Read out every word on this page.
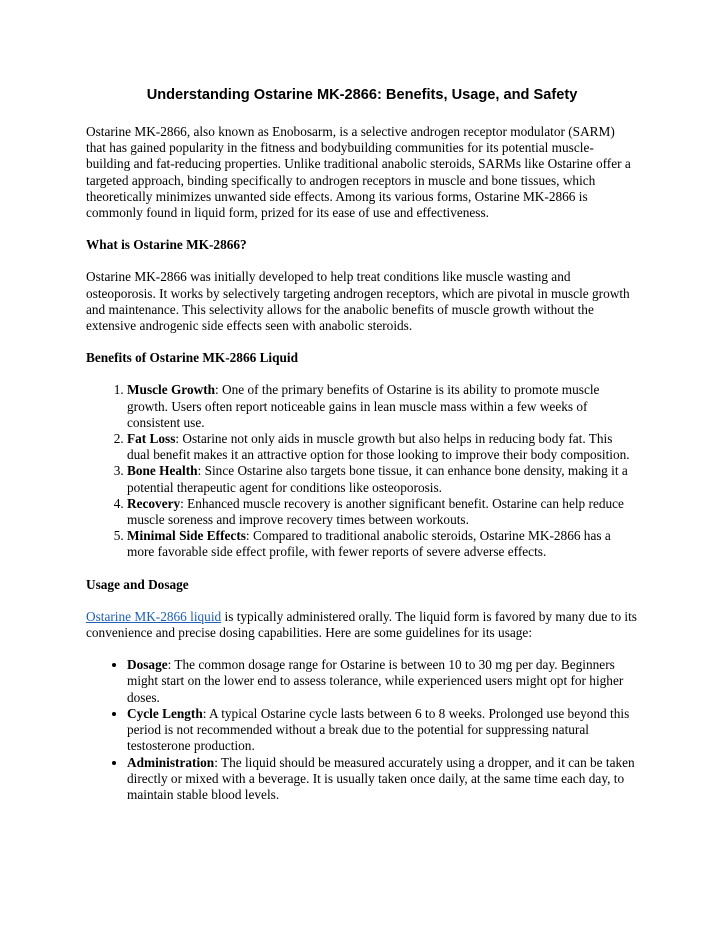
Understanding Ostarine MK-2866: Benefits, Usage, and Safety

Ostarine MK-2866, also known as Enobosarm, is a selective androgen receptor modulator (SARM) that has gained popularity in the fitness and bodybuilding communities for its potential muscle-building and fat-reducing properties. Unlike traditional anabolic steroids, SARMs like Ostarine offer a targeted approach, binding specifically to androgen receptors in muscle and bone tissues, which theoretically minimizes unwanted side effects. Among its various forms, Ostarine MK-2866 is commonly found in liquid form, prized for its ease of use and effectiveness.

What is Ostarine MK-2866?

Ostarine MK-2866 was initially developed to help treat conditions like muscle wasting and osteoporosis. It works by selectively targeting androgen receptors, which are pivotal in muscle growth and maintenance. This selectivity allows for the anabolic benefits of muscle growth without the extensive androgenic side effects seen with anabolic steroids.

Benefits of Ostarine MK-2866 Liquid
1. Muscle Growth: One of the primary benefits of Ostarine is its ability to promote muscle growth. Users often report noticeable gains in lean muscle mass within a few weeks of consistent use.
2. Fat Loss: Ostarine not only aids in muscle growth but also helps in reducing body fat. This dual benefit makes it an attractive option for those looking to improve their body composition.
3. Bone Health: Since Ostarine also targets bone tissue, it can enhance bone density, making it a potential therapeutic agent for conditions like osteoporosis.
4. Recovery: Enhanced muscle recovery is another significant benefit. Ostarine can help reduce muscle soreness and improve recovery times between workouts.
5. Minimal Side Effects: Compared to traditional anabolic steroids, Ostarine MK-2866 has a more favorable side effect profile, with fewer reports of severe adverse effects.
Usage and Dosage

Ostarine MK-2866 liquid is typically administered orally. The liquid form is favored by many due to its convenience and precise dosing capabilities. Here are some guidelines for its usage:

• Dosage: The common dosage range for Ostarine is between 10 to 30 mg per day. Beginners might start on the lower end to assess tolerance, while experienced users might opt for higher doses.
• Cycle Length: A typical Ostarine cycle lasts between 6 to 8 weeks. Prolonged use beyond this period is not recommended without a break due to the potential for suppressing natural testosterone production.
• Administration: The liquid should be measured accurately using a dropper, and it can be taken directly or mixed with a beverage. It is usually taken once daily, at the same time each day, to maintain stable blood levels.
